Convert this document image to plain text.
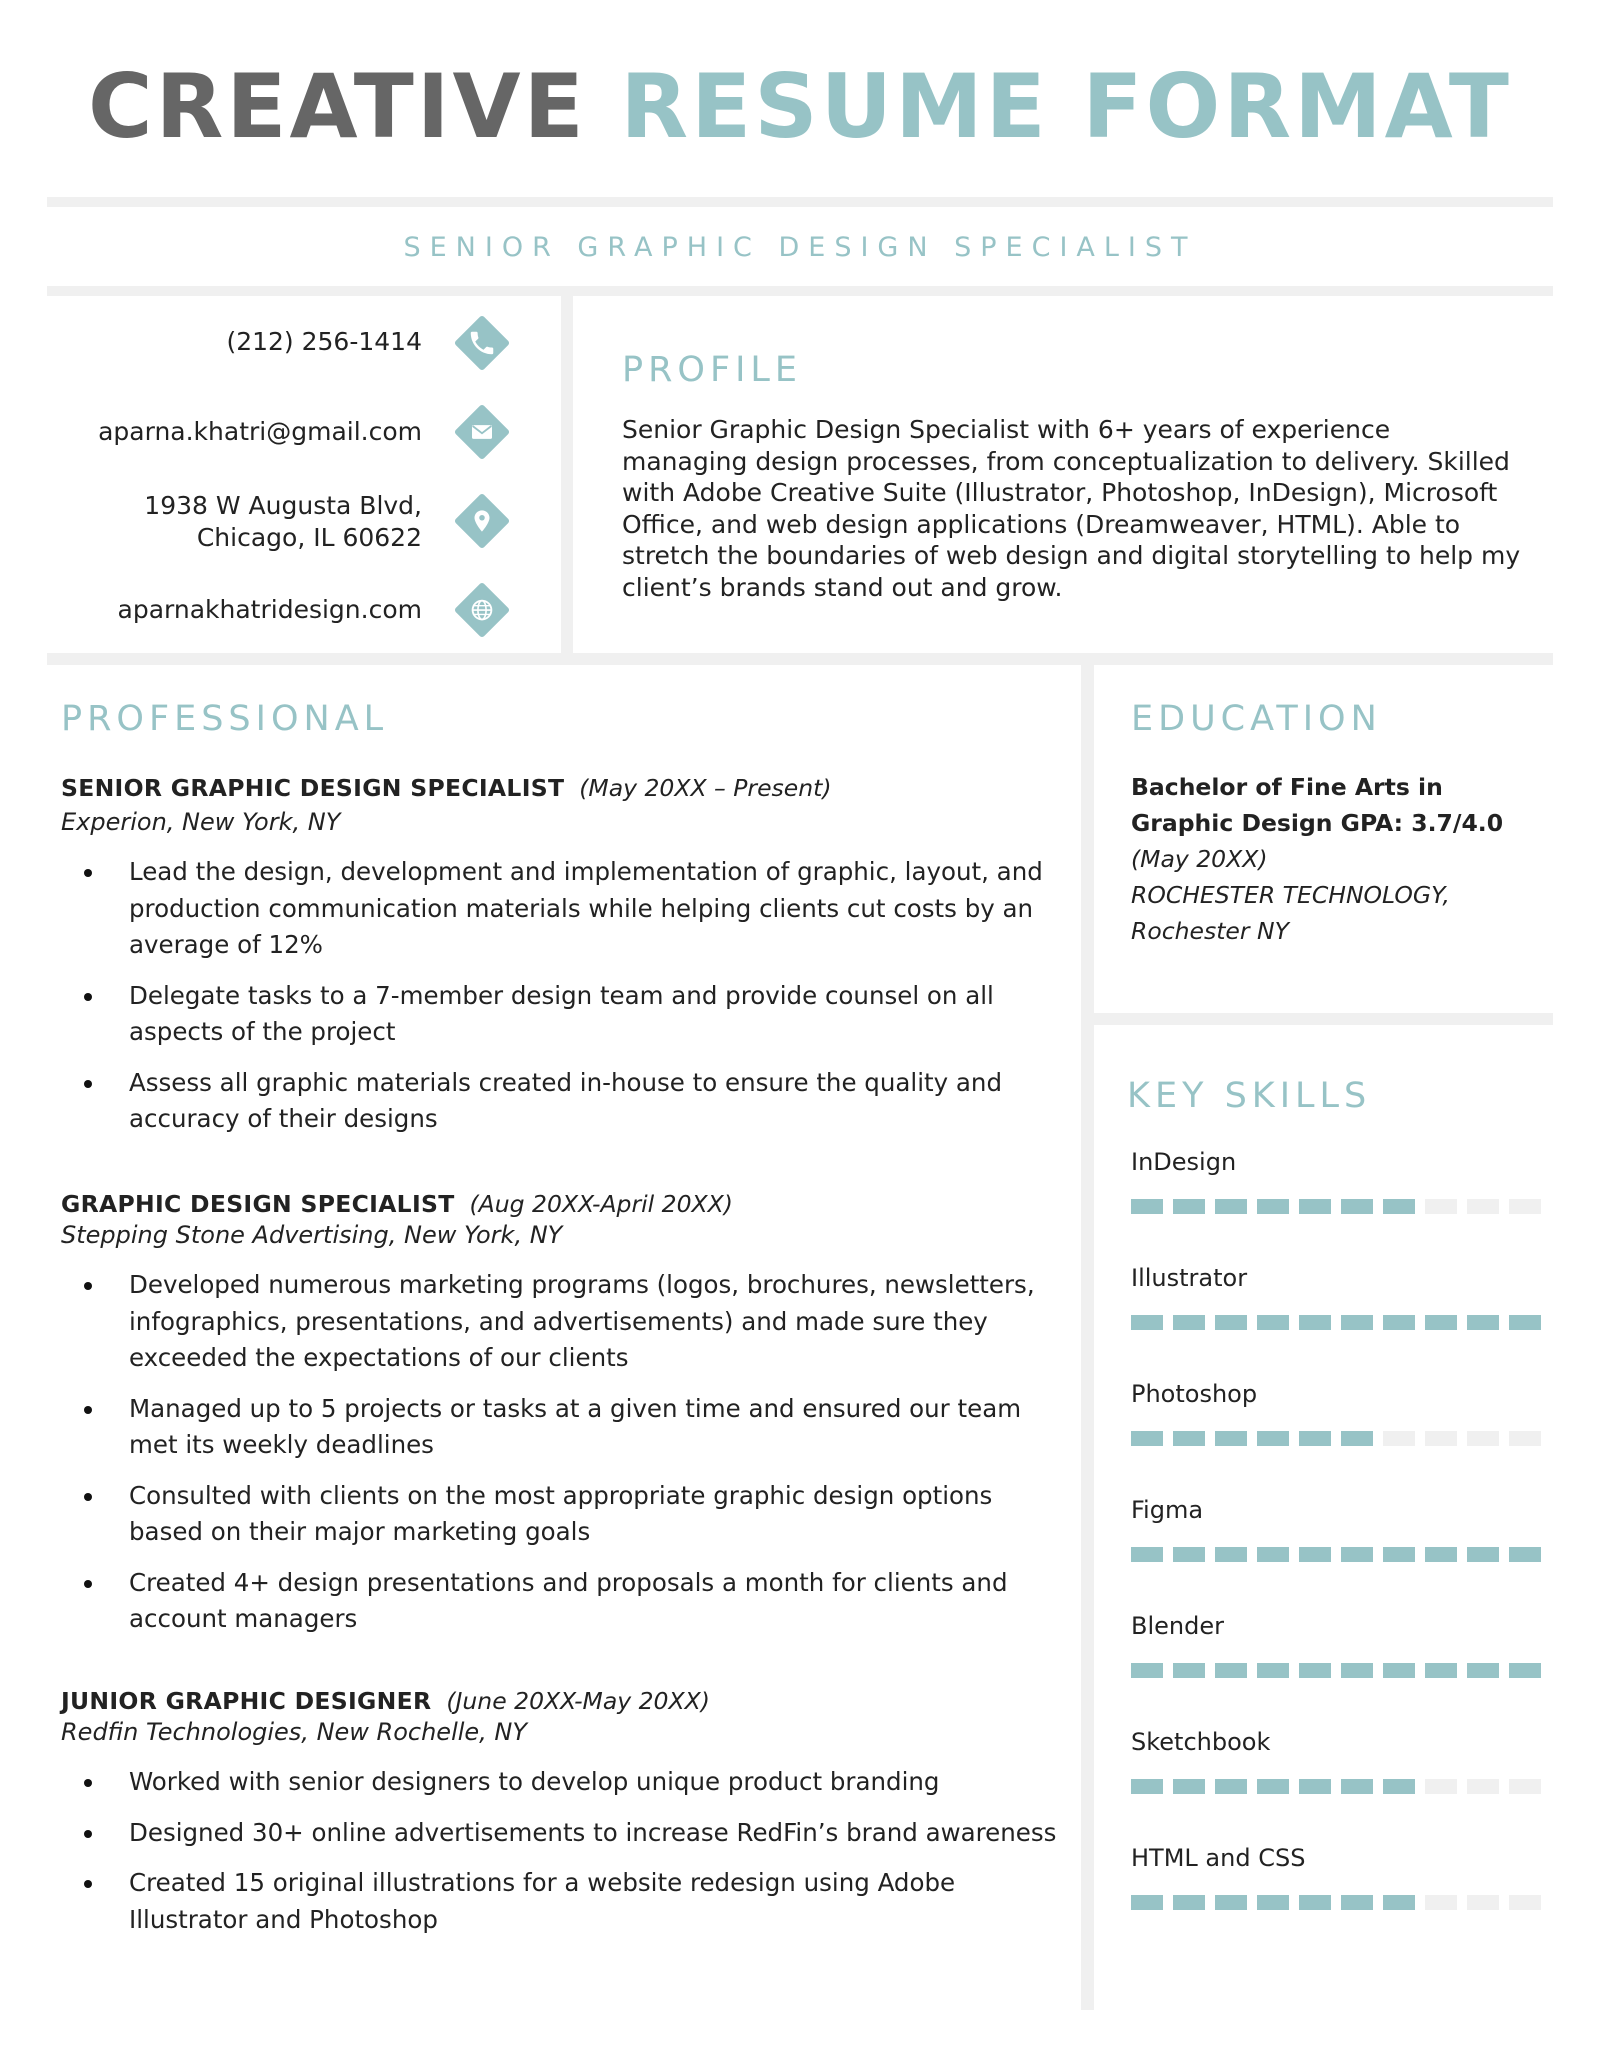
CREATIVE RESUME FORMAT
SENIOR GRAPHIC DESIGN SPECIALIST
(212) 256-1414
aparna.khatri@gmail.com
1938 W Augusta Blvd,
Chicago, IL 60622
aparnakhatridesign.com
PROFILE
Senior Graphic Design Specialist with 6+ years of experience managing design processes, from conceptualization to delivery. Skilled with Adobe Creative Suite (Illustrator, Photoshop, InDesign), Microsoft Office, and web design applications (Dreamweaver, HTML). Able to stretch the boundaries of web design and digital storytelling to help my client’s brands stand out and grow.
PROFESSIONAL
SENIOR GRAPHIC DESIGN SPECIALIST (May 20XX – Present)
Experion, New York, NY
Lead the design, development and implementation of graphic, layout, and production communication materials while helping clients cut costs by an average of 12%
Delegate tasks to a 7-member design team and provide counsel on all aspects of the project
Assess all graphic materials created in-house to ensure the quality and accuracy of their designs
GRAPHIC DESIGN SPECIALIST (Aug 20XX-April 20XX)
Stepping Stone Advertising, New York, NY
Developed numerous marketing programs (logos, brochures, newsletters, infographics, presentations, and advertisements) and made sure they exceeded the expectations of our clients
Managed up to 5 projects or tasks at a given time and ensured our team met its weekly deadlines
Consulted with clients on the most appropriate graphic design options based on their major marketing goals
Created 4+ design presentations and proposals a month for clients and account managers
JUNIOR GRAPHIC DESIGNER (June 20XX-May 20XX)
Redfin Technologies, New Rochelle, NY
Worked with senior designers to develop unique product branding
Designed 30+ online advertisements to increase RedFin’s brand awareness
Created 15 original illustrations for a website redesign using Adobe Illustrator and Photoshop
EDUCATION
Bachelor of Fine Arts in
Graphic Design GPA: 3.7/4.0
(May 20XX)
ROCHESTER TECHNOLOGY,
Rochester NY
KEY SKILLS
InDesign
Illustrator
Photoshop
Figma
Blender
Sketchbook
HTML and CSS
